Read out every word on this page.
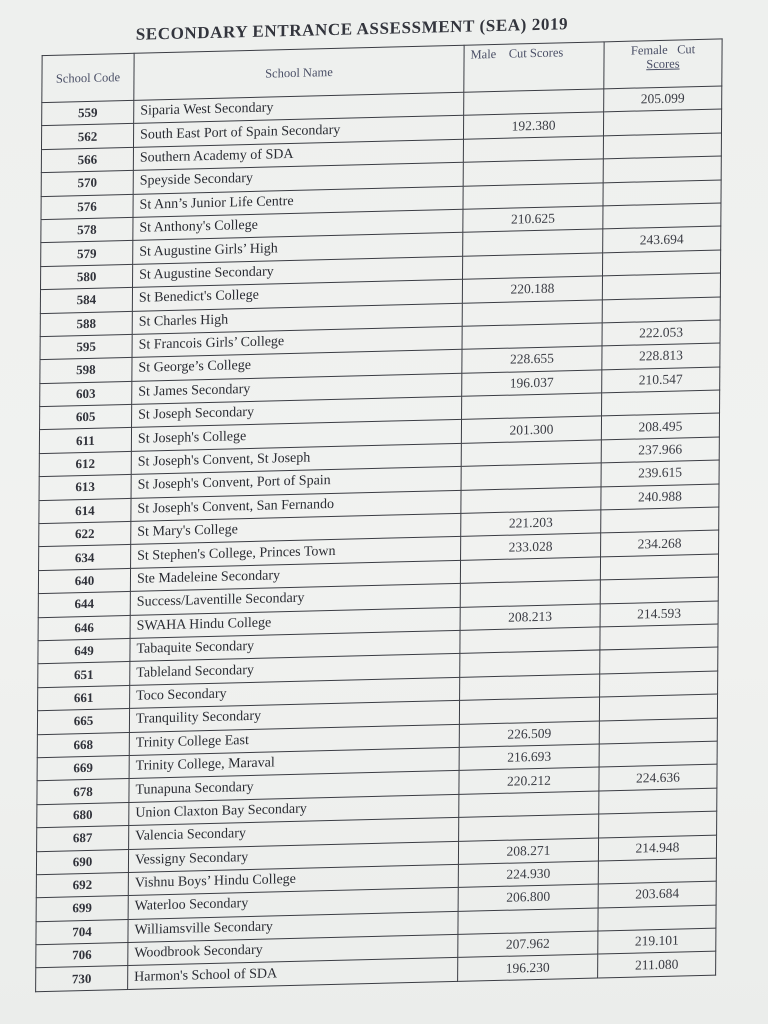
SECONDARY ENTRANCE ASSESSMENT (SEA) 2019
School Code	School Name	Male    Cut Scores	Female   Cut
Scores

559	Siparia West Secondary		205.099
562	South East Port of Spain Secondary	192.380	
566	Southern Academy of SDA		
570	Speyside Secondary		
576	St Ann’s Junior Life Centre		
578	St Anthony's College	210.625	
579	St Augustine Girls’ High		243.694
580	St Augustine Secondary		
584	St Benedict's College	220.188	
588	St Charles High		
595	St Francois Girls’ College		222.053
598	St George’s College	228.655	228.813
603	St James Secondary	196.037	210.547
605	St Joseph Secondary		
611	St Joseph's College	201.300	208.495
612	St Joseph's Convent, St Joseph		237.966
613	St Joseph's Convent, Port of Spain		239.615
614	St Joseph's Convent, San Fernando		240.988
622	St Mary's College	221.203	
634	St Stephen's College, Princes Town	233.028	234.268
640	Ste Madeleine Secondary		
644	Success/Laventille Secondary		
646	SWAHA Hindu College	208.213	214.593
649	Tabaquite Secondary		
651	Tableland Secondary		
661	Toco Secondary		
665	Tranquility Secondary		
668	Trinity College East	226.509	
669	Trinity College, Maraval	216.693	
678	Tunapuna Secondary	220.212	224.636
680	Union Claxton Bay Secondary		
687	Valencia Secondary		
690	Vessigny Secondary	208.271	214.948
692	Vishnu Boys’ Hindu College	224.930	
699	Waterloo Secondary	206.800	203.684
704	Williamsville Secondary		
706	Woodbrook Secondary	207.962	219.101
730	Harmon's School of SDA	196.230	211.080
